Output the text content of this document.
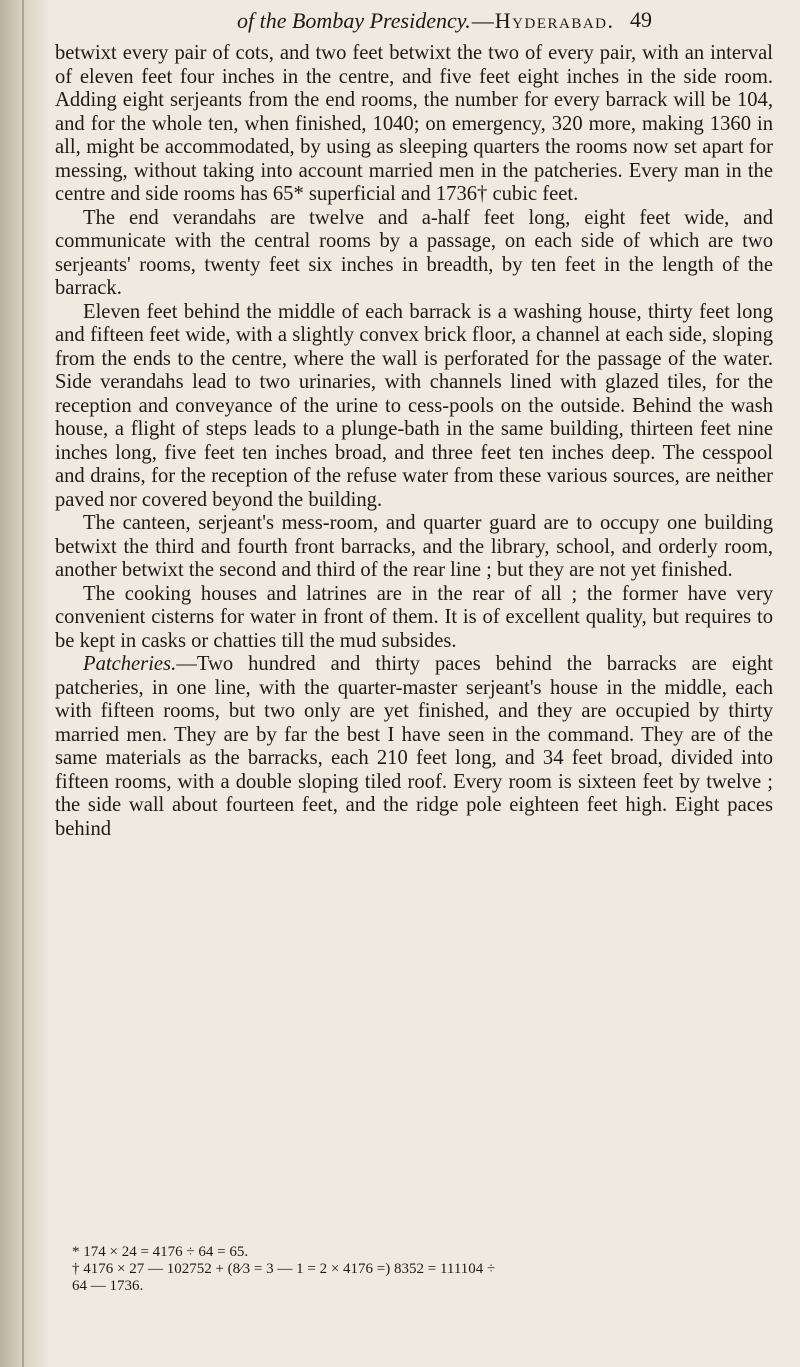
of the Bombay Presidency.—Hyderabad. 49

betwixt every pair of cots, and two feet betwixt the two of every pair, with an interval of eleven feet four inches in the centre, and five feet eight inches in the side room. Adding eight serjeants from the end rooms, the number for every barrack will be 104, and for the whole ten, when finished, 1040; on emergency, 320 more, making 1360 in all, might be accommodated, by using as sleeping quarters the rooms now set apart for messing, without taking into account married men in the patcheries. Every man in the centre and side rooms has 65* superficial and 1736† cubic feet.

The end verandahs are twelve and a-half feet long, eight feet wide, and communicate with the central rooms by a passage, on each side of which are two serjeants' rooms, twenty feet six inches in breadth, by ten feet in the length of the barrack.

Eleven feet behind the middle of each barrack is a washing house, thirty feet long and fifteen feet wide, with a slightly convex brick floor, a channel at each side, sloping from the ends to the centre, where the wall is perforated for the passage of the water. Side verandahs lead to two urinaries, with channels lined with glazed tiles, for the reception and conveyance of the urine to cess-pools on the outside. Behind the wash house, a flight of steps leads to a plunge-bath in the same building, thirteen feet nine inches long, five feet ten inches broad, and three feet ten inches deep. The cesspool and drains, for the reception of the refuse water from these various sources, are neither paved nor covered beyond the building.

The canteen, serjeant's mess-room, and quarter guard are to occupy one building betwixt the third and fourth front barracks, and the library, school, and orderly room, another betwixt the second and third of the rear line ; but they are not yet finished.

The cooking houses and latrines are in the rear of all ; the former have very convenient cisterns for water in front of them. It is of excellent quality, but requires to be kept in casks or chatties till the mud subsides.

Patcheries.—Two hundred and thirty paces behind the barracks are eight patcheries, in one line, with the quarter-master serjeant's house in the middle, each with fifteen rooms, but two only are yet finished, and they are occupied by thirty married men. They are by far the best I have seen in the command. They are of the same materials as the barracks, each 210 feet long, and 34 feet broad, divided into fifteen rooms, with a double sloping tiled roof. Every room is sixteen feet by twelve ; the side wall about fourteen feet, and the ridge pole eighteen feet high. Eight paces behind

* 174 × 24 = 4176 ÷ 64 = 65.
† 4176 × 27 — 102752 + (8⁄3 = 3 — 1 = 2 × 4176 =) 8352 = 111104 ÷
64 — 1736.
